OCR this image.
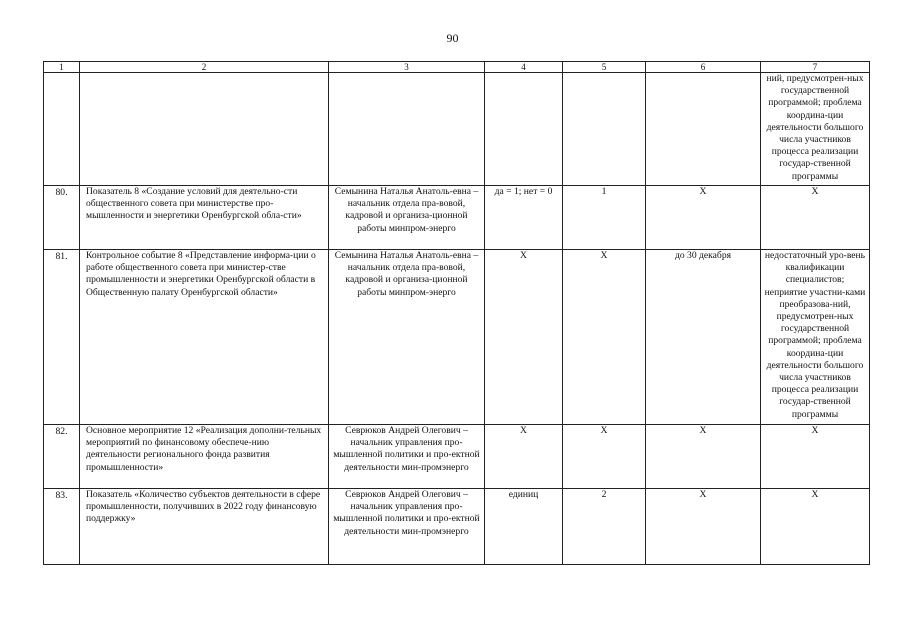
90
1	2	3	4	5	6	7
						ний, предусмотрен-ных государственной программой; проблема координа-ции деятельности большого числа участников процесса реализации государ-ственной программы
80.	Показатель 8 «Создание условий для деятельно-сти общественного совета при министерстве про-мышленности и энергетики Оренбургской обла-сти»	Семынина Наталья Анатоль-евна – начальник отдела пра-вовой, кадровой и организа-ционной работы минпром-энерго	да = 1; нет = 0	1	Х	Х
81.	Контрольное событие 8 «Представление информа-ции о работе общественного совета при министер-стве промышленности и энергетики Оренбургской области в Общественную палату Оренбургской области»	Семынина Наталья Анатоль-евна – начальник отдела пра-вовой, кадровой и организа-ционной работы минпром-энерго	Х	Х	до 30 декабря	недостаточный уро-вень квалификации специалистов; неприятие участни-ками преобразова-ний, предусмотрен-ных государственной программой; проблема координа-ции деятельности большого числа участников процесса реализации государ-ственной программы
82.	Основное мероприятие 12 «Реализация дополни-тельных мероприятий по финансовому обеспече-нию деятельности регионального фонда развития промышленности»	Севрюков Андрей Олегович – начальник управления про-мышленной политики и про-ектной деятельности мин-промэнерго	Х	Х	Х	Х
83.	Показатель «Количество субъектов деятельности в сфере промышленности, получивших в 2022 году финансовую поддержку»	Севрюков Андрей Олегович – начальник управления про-мышленной политики и про-ектной деятельности мин-промэнерго	единиц	2	Х	Х
